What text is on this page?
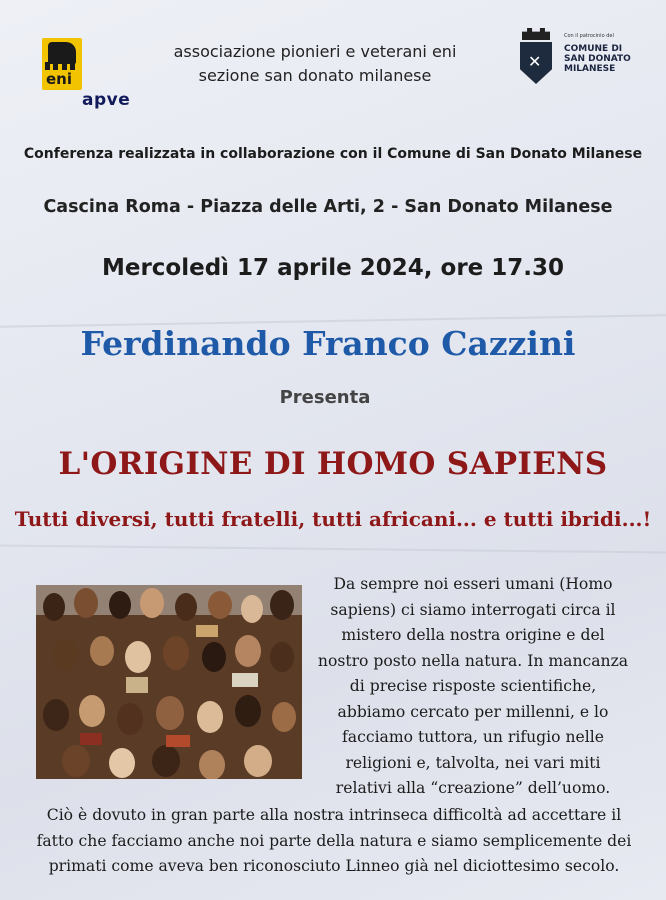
eni
apve
associazione pionieri e veterani eni
sezione san donato milanese
✕
Con il patrocinio del
COMUNE DI
SAN DONATO
MILANESE
Conferenza realizzata in collaborazione con il Comune di San Donato Milanese
Cascina Roma - Piazza delle Arti, 2 - San Donato Milanese
Mercoledì 17 aprile 2024, ore 17.30
Ferdinando Franco Cazzini
Presenta
L'ORIGINE DI HOMO SAPIENS
Tutti diversi, tutti fratelli, tutti africani... e tutti ibridi...!
Da sempre noi esseri umani (Homo
sapiens) ci siamo interrogati circa il
mistero della nostra origine e del
nostro posto nella natura. In mancanza
di precise risposte scientifiche,
abbiamo cercato per millenni, e lo
facciamo tuttora, un rifugio nelle
religioni e, talvolta, nei vari miti
relativi alla “creazione” dell’uomo.
Ciò è dovuto in gran parte alla nostra intrinseca difficoltà ad accettare il
fatto che facciamo anche noi parte della natura e siamo semplicemente dei
primati come aveva ben riconosciuto Linneo già nel diciottesimo secolo.
